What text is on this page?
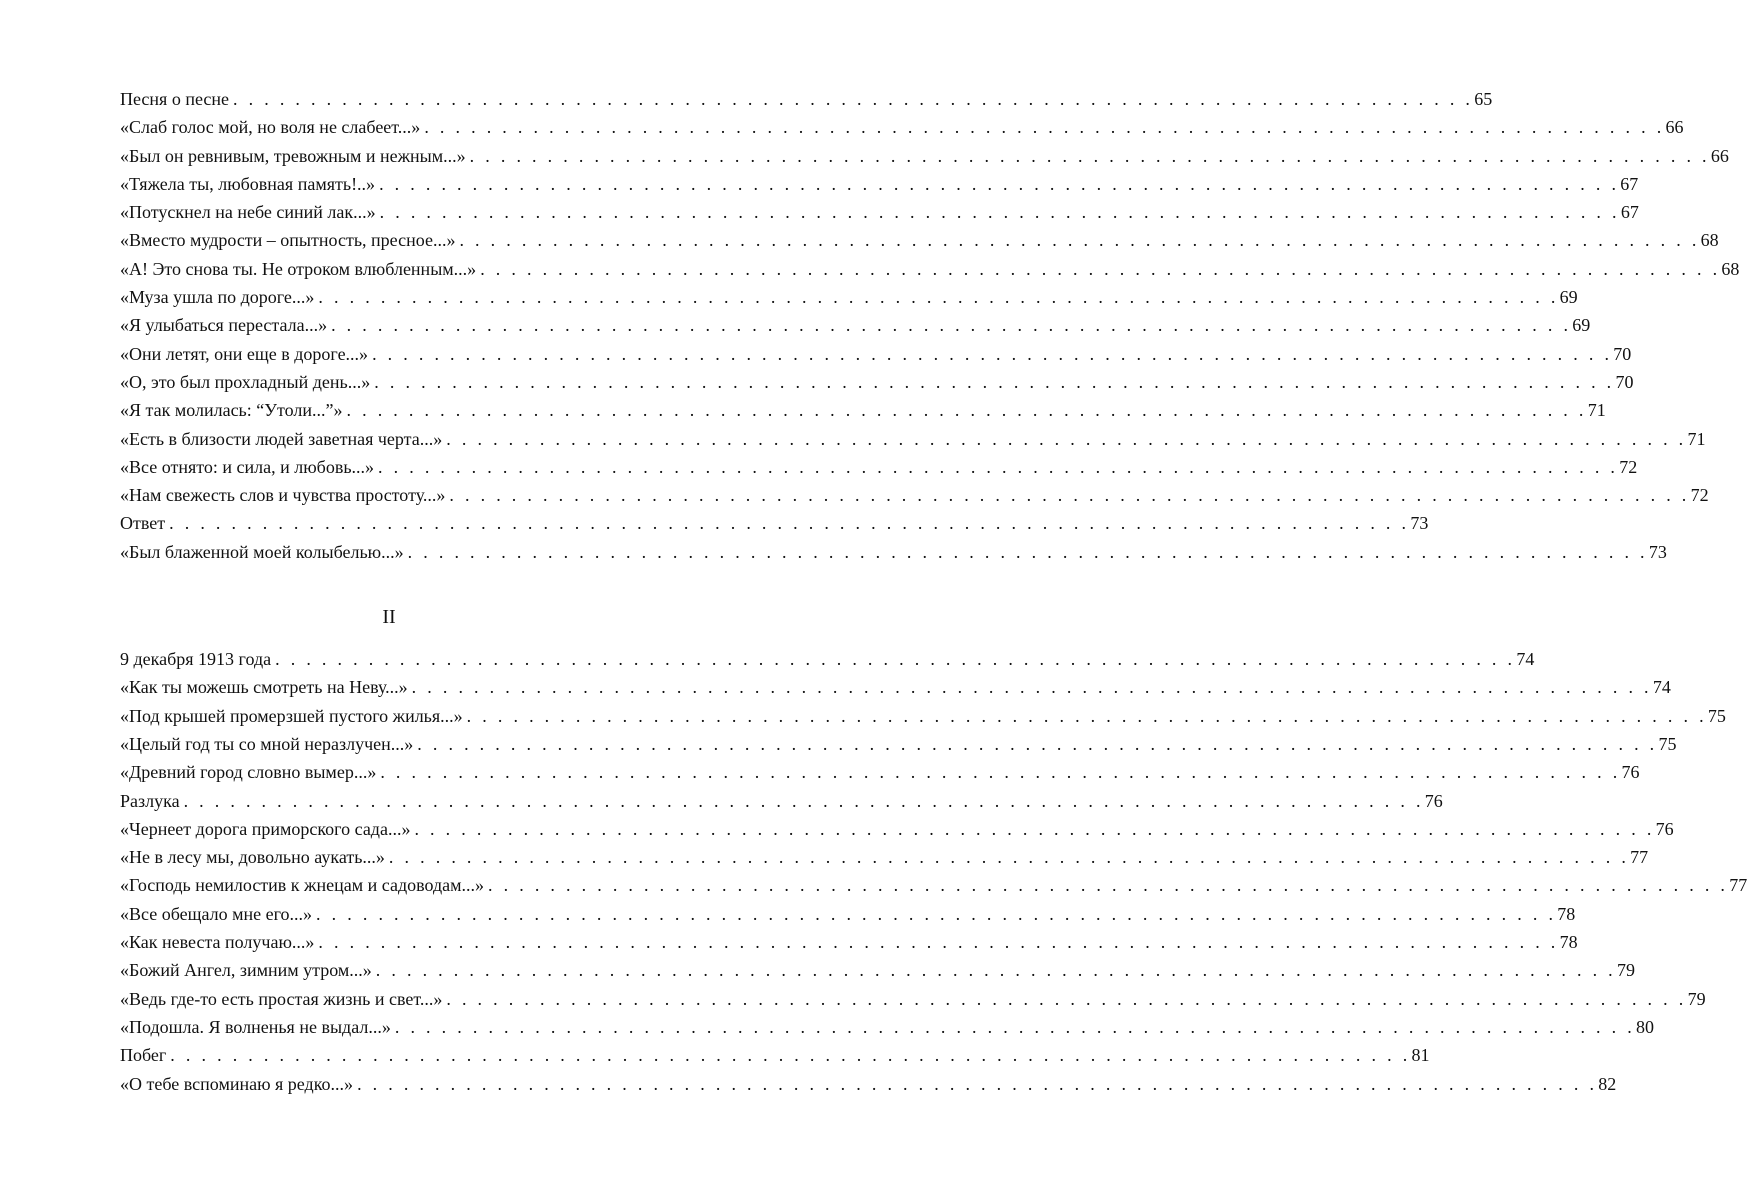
Песня о песне . . . . . . . . . . . . . . . . . . . . . . . . . . . . . . . . . . . . . . . . . . . . . . . . . . . . . . . . . . . . . . . . . . . . . . . . . . . . . . . . 65
«Слаб голос мой, но воля не слабеет...» . . . . . . . . . . . . . . . . . . . . . . . . . . . . . . . . . . . . . . . . . . . . . . . . . . . . . . . . . . . . . . . . . . . . . . . . . . . . . . . . 66
«Был он ревнивым, тревожным и нежным...» . . . . . . . . . . . . . . . . . . . . . . . . . . . . . . . . . . . . . . . . . . . . . . . . . . . . . . . . . . . . . . . . . . . . . . . . . . . . . . . . 66
«Тяжела ты, любовная память!..» . . . . . . . . . . . . . . . . . . . . . . . . . . . . . . . . . . . . . . . . . . . . . . . . . . . . . . . . . . . . . . . . . . . . . . . . . . . . . . . . 67
«Потускнел на небе синий лак...» . . . . . . . . . . . . . . . . . . . . . . . . . . . . . . . . . . . . . . . . . . . . . . . . . . . . . . . . . . . . . . . . . . . . . . . . . . . . . . . . 67
«Вместо мудрости – опытность, пресное...» . . . . . . . . . . . . . . . . . . . . . . . . . . . . . . . . . . . . . . . . . . . . . . . . . . . . . . . . . . . . . . . . . . . . . . . . . . . . . . . . 68
«А! Это снова ты. Не отроком влюбленным...» . . . . . . . . . . . . . . . . . . . . . . . . . . . . . . . . . . . . . . . . . . . . . . . . . . . . . . . . . . . . . . . . . . . . . . . . . . . . . . . . 68
«Муза ушла по дороге...» . . . . . . . . . . . . . . . . . . . . . . . . . . . . . . . . . . . . . . . . . . . . . . . . . . . . . . . . . . . . . . . . . . . . . . . . . . . . . . . . 69
«Я улыбаться перестала...» . . . . . . . . . . . . . . . . . . . . . . . . . . . . . . . . . . . . . . . . . . . . . . . . . . . . . . . . . . . . . . . . . . . . . . . . . . . . . . . . 69
«Они летят, они еще в дороге...» . . . . . . . . . . . . . . . . . . . . . . . . . . . . . . . . . . . . . . . . . . . . . . . . . . . . . . . . . . . . . . . . . . . . . . . . . . . . . . . . 70
«О, это был прохладный день...» . . . . . . . . . . . . . . . . . . . . . . . . . . . . . . . . . . . . . . . . . . . . . . . . . . . . . . . . . . . . . . . . . . . . . . . . . . . . . . . . 70
«Я так молилась: “Утоли...”» . . . . . . . . . . . . . . . . . . . . . . . . . . . . . . . . . . . . . . . . . . . . . . . . . . . . . . . . . . . . . . . . . . . . . . . . . . . . . . . . 71
«Есть в близости людей заветная черта...» . . . . . . . . . . . . . . . . . . . . . . . . . . . . . . . . . . . . . . . . . . . . . . . . . . . . . . . . . . . . . . . . . . . . . . . . . . . . . . . . 71
«Все отнято: и сила, и любовь...» . . . . . . . . . . . . . . . . . . . . . . . . . . . . . . . . . . . . . . . . . . . . . . . . . . . . . . . . . . . . . . . . . . . . . . . . . . . . . . . . 72
«Нам свежесть слов и чувства простоту...» . . . . . . . . . . . . . . . . . . . . . . . . . . . . . . . . . . . . . . . . . . . . . . . . . . . . . . . . . . . . . . . . . . . . . . . . . . . . . . . . 72
Ответ . . . . . . . . . . . . . . . . . . . . . . . . . . . . . . . . . . . . . . . . . . . . . . . . . . . . . . . . . . . . . . . . . . . . . . . . . . . . . . . . 73
«Был блаженной моей колыбелью...» . . . . . . . . . . . . . . . . . . . . . . . . . . . . . . . . . . . . . . . . . . . . . . . . . . . . . . . . . . . . . . . . . . . . . . . . . . . . . . . . 73
II
9 декабря 1913 года . . . . . . . . . . . . . . . . . . . . . . . . . . . . . . . . . . . . . . . . . . . . . . . . . . . . . . . . . . . . . . . . . . . . . . . . . . . . . . . . 74
«Как ты можешь смотреть на Неву...» . . . . . . . . . . . . . . . . . . . . . . . . . . . . . . . . . . . . . . . . . . . . . . . . . . . . . . . . . . . . . . . . . . . . . . . . . . . . . . . . 74
«Под крышей промерзшей пустого жилья...» . . . . . . . . . . . . . . . . . . . . . . . . . . . . . . . . . . . . . . . . . . . . . . . . . . . . . . . . . . . . . . . . . . . . . . . . . . . . . . . . 75
«Целый год ты со мной неразлучен...» . . . . . . . . . . . . . . . . . . . . . . . . . . . . . . . . . . . . . . . . . . . . . . . . . . . . . . . . . . . . . . . . . . . . . . . . . . . . . . . . 75
«Древний город словно вымер...» . . . . . . . . . . . . . . . . . . . . . . . . . . . . . . . . . . . . . . . . . . . . . . . . . . . . . . . . . . . . . . . . . . . . . . . . . . . . . . . . 76
Разлука . . . . . . . . . . . . . . . . . . . . . . . . . . . . . . . . . . . . . . . . . . . . . . . . . . . . . . . . . . . . . . . . . . . . . . . . . . . . . . . . 76
«Чернеет дорога приморского сада...» . . . . . . . . . . . . . . . . . . . . . . . . . . . . . . . . . . . . . . . . . . . . . . . . . . . . . . . . . . . . . . . . . . . . . . . . . . . . . . . . 76
«Не в лесу мы, довольно аукать...» . . . . . . . . . . . . . . . . . . . . . . . . . . . . . . . . . . . . . . . . . . . . . . . . . . . . . . . . . . . . . . . . . . . . . . . . . . . . . . . . 77
«Господь немилостив к жнецам и садоводам...» . . . . . . . . . . . . . . . . . . . . . . . . . . . . . . . . . . . . . . . . . . . . . . . . . . . . . . . . . . . . . . . . . . . . . . . . . . . . . . . . 77
«Все обещало мне его...» . . . . . . . . . . . . . . . . . . . . . . . . . . . . . . . . . . . . . . . . . . . . . . . . . . . . . . . . . . . . . . . . . . . . . . . . . . . . . . . . 78
«Как невеста получаю...» . . . . . . . . . . . . . . . . . . . . . . . . . . . . . . . . . . . . . . . . . . . . . . . . . . . . . . . . . . . . . . . . . . . . . . . . . . . . . . . . 78
«Божий Ангел, зимним утром...» . . . . . . . . . . . . . . . . . . . . . . . . . . . . . . . . . . . . . . . . . . . . . . . . . . . . . . . . . . . . . . . . . . . . . . . . . . . . . . . . 79
«Ведь где-то есть простая жизнь и свет...» . . . . . . . . . . . . . . . . . . . . . . . . . . . . . . . . . . . . . . . . . . . . . . . . . . . . . . . . . . . . . . . . . . . . . . . . . . . . . . . . 79
«Подошла. Я волненья не выдал...» . . . . . . . . . . . . . . . . . . . . . . . . . . . . . . . . . . . . . . . . . . . . . . . . . . . . . . . . . . . . . . . . . . . . . . . . . . . . . . . . 80
Побег . . . . . . . . . . . . . . . . . . . . . . . . . . . . . . . . . . . . . . . . . . . . . . . . . . . . . . . . . . . . . . . . . . . . . . . . . . . . . . . . 81
«О тебе вспоминаю я редко...» . . . . . . . . . . . . . . . . . . . . . . . . . . . . . . . . . . . . . . . . . . . . . . . . . . . . . . . . . . . . . . . . . . . . . . . . . . . . . . . . 82
